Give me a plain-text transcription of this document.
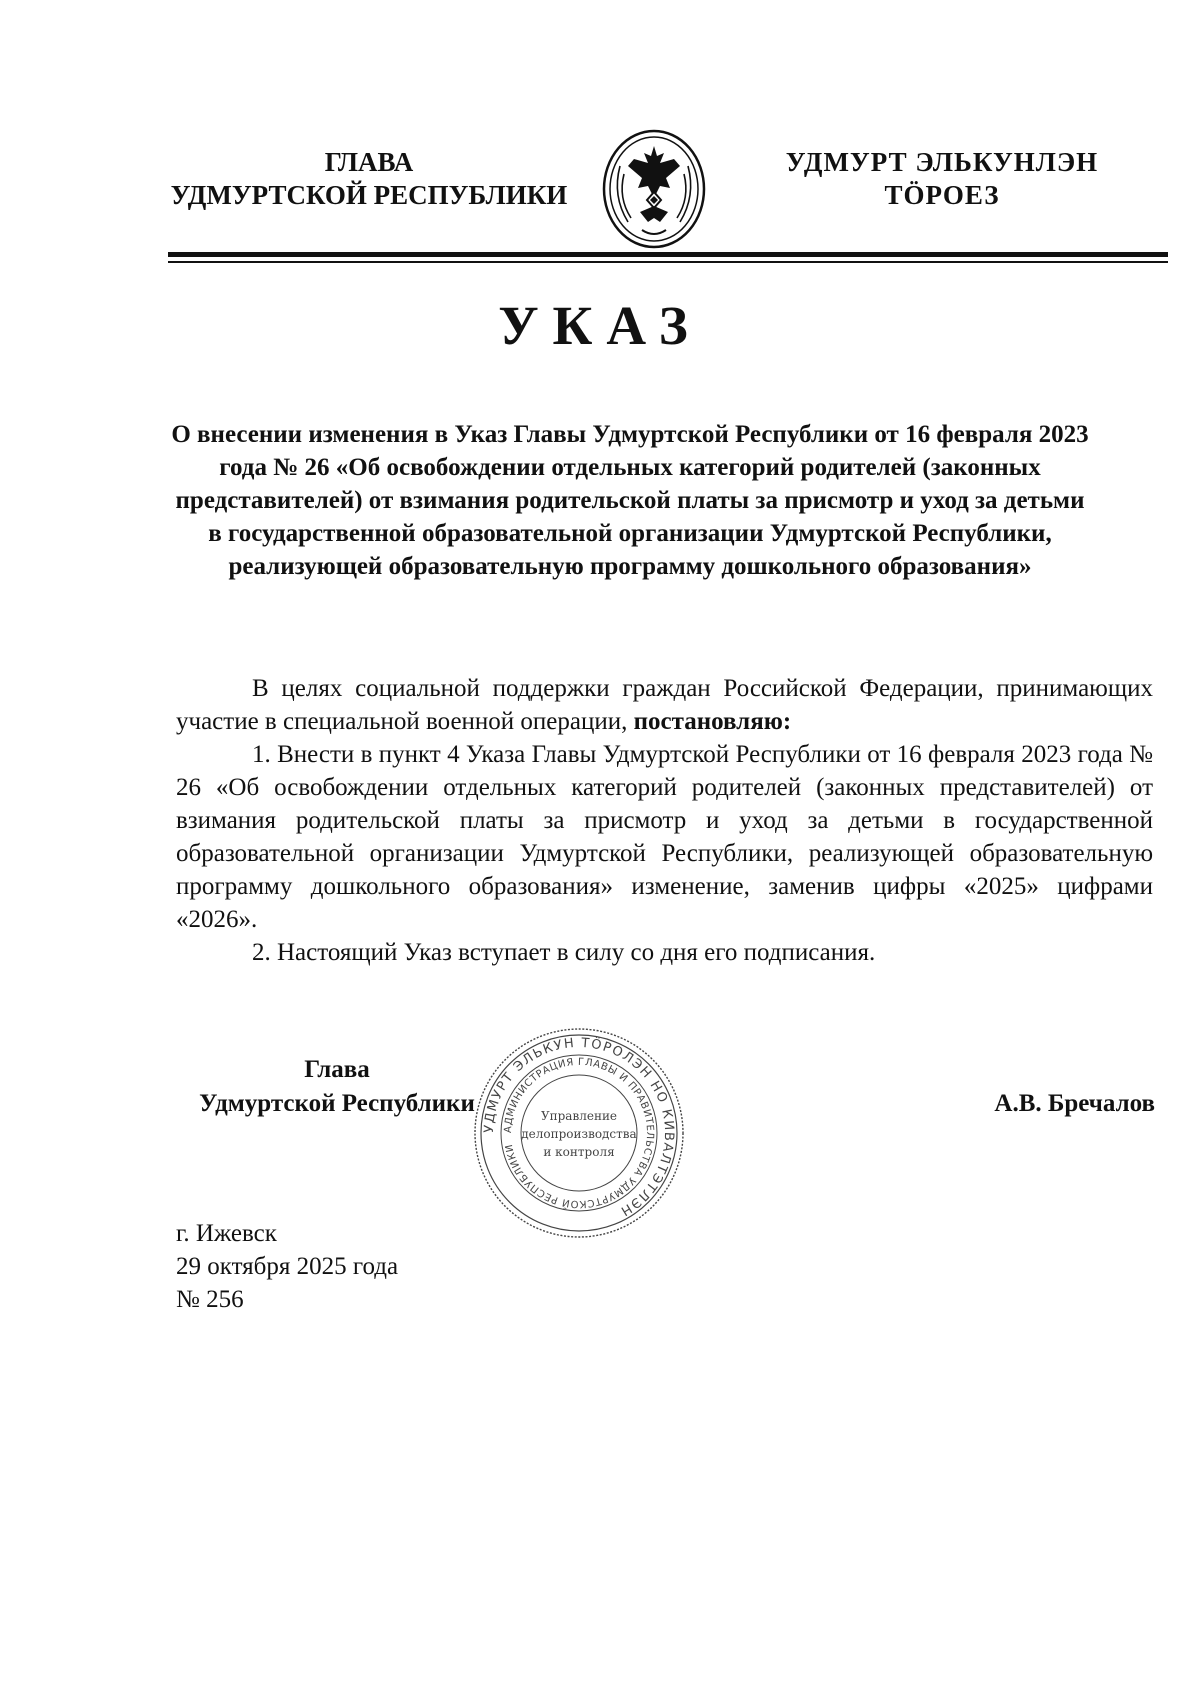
ГЛАВА
УДМУРТСКОЙ РЕСПУБЛИКИ
УДМУРТ ЭЛЬКУНЛЭН
ТӦРОЕЗ
УКАЗ
О внесении изменения в Указ Главы Удмуртской Республики от 16 февраля 2023 года № 26 «Об освобождении отдельных категорий родителей (законных представителей) от взимания родительской платы за присмотр и уход за детьми в государственной образовательной организации Удмуртской Республики, реализующей образовательную программу дошкольного образования»

В целях социальной поддержки граждан Российской Федерации, принимающих участие в специальной военной операции, постановляю:

1. Внести в пункт 4 Указа Главы Удмуртской Республики от 16 февраля 2023 года № 26 «Об освобождении отдельных категорий родителей (законных представителей) от взимания родительской платы за присмотр и уход за детьми в государственной образовательной организации Удмуртской Республики, реализующей образовательную программу дошкольного образования» изменение, заменив цифры «2025» цифрами «2026».

2. Настоящий Указ вступает в силу со дня его подписания.

Глава
Удмуртской Республики
УДМУРТ ЭЛЬКУН ТӦРОЛЭН НО КИВАЛТЭТЛЭН
АДМИНИСТРАЦИЯ ГЛАВЫ И ПРАВИТЕЛЬСТВА УДМУРТСКОЙ РЕСПУБЛИКИ
Управление
делопроизводства
и контроля
А.В. Бречалов
г. Ижевск
29 октября 2025 года
№ 256
